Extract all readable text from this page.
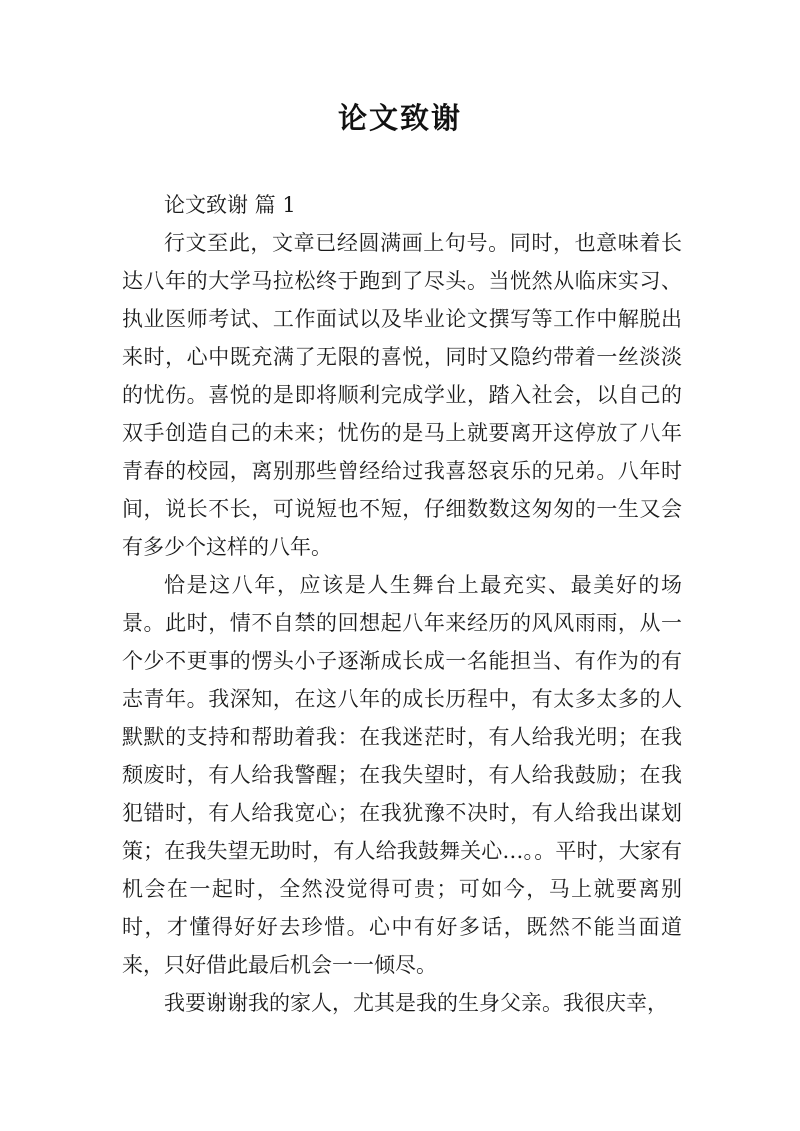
论文致谢

论文致谢 篇 1

行文至此，文章已经圆满画上句号。同时，也意味着长达八年的大学马拉松终于跑到了尽头。当恍然从临床实习、执业医师考试、工作面试以及毕业论文撰写等工作中解脱出来时，心中既充满了无限的喜悦，同时又隐约带着一丝淡淡的忧伤。喜悦的是即将顺利完成学业，踏入社会，以自己的双手创造自己的未来；忧伤的是马上就要离开这停放了八年青春的校园，离别那些曾经给过我喜怒哀乐的兄弟。八年时间，说长不长，可说短也不短，仔细数数这匆匆的一生又会有多少个这样的八年。

恰是这八年，应该是人生舞台上最充实、最美好的场景。此时，情不自禁的回想起八年来经历的风风雨雨，从一个少不更事的愣头小子逐渐成长成一名能担当、有作为的有志青年。我深知，在这八年的成长历程中，有太多太多的人默默的支持和帮助着我：在我迷茫时，有人给我光明；在我颓废时，有人给我警醒；在我失望时，有人给我鼓励；在我犯错时，有人给我宽心；在我犹豫不决时，有人给我出谋划策；在我失望无助时，有人给我鼓舞关心…。。平时，大家有机会在一起时，全然没觉得可贵；可如今，马上就要离别时，才懂得好好去珍惜。心中有好多话，既然不能当面道来，只好借此最后机会一一倾尽。

我要谢谢我的家人，尤其是我的生身父亲。我很庆幸，
